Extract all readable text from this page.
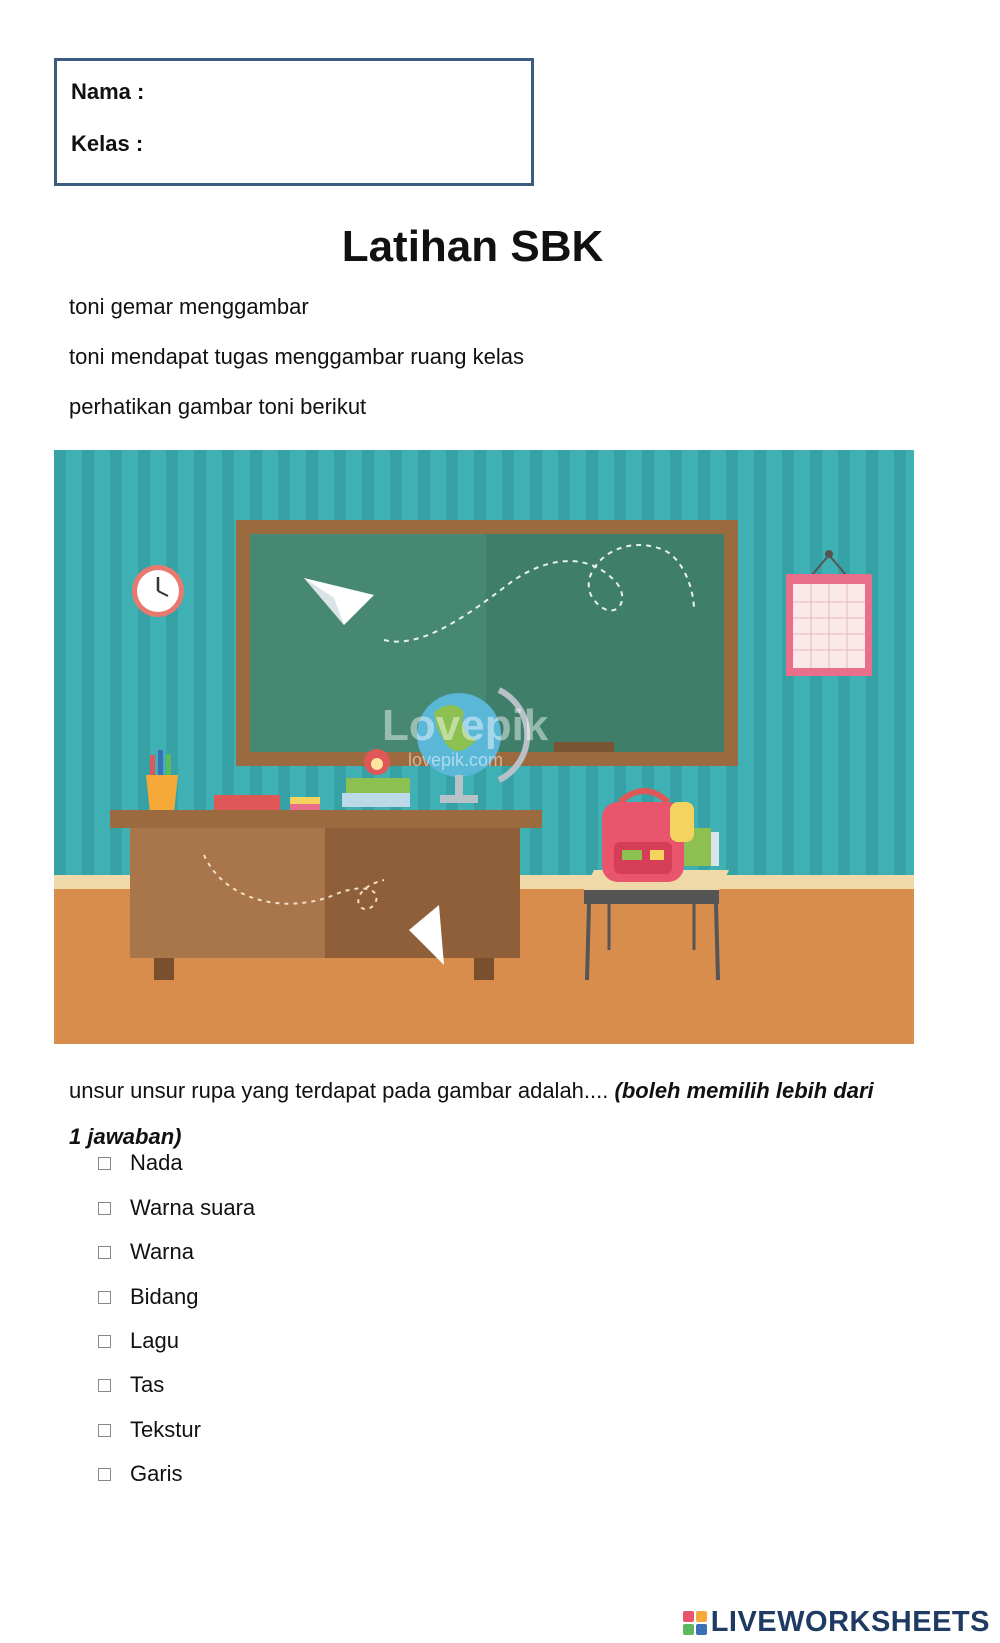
Nama :
Kelas :
Latihan SBK
toni gemar menggambar
toni mendapat tugas menggambar ruang kelas
perhatikan gambar toni berikut
Lovepik
lovepik.com
unsur unsur rupa yang terdapat pada gambar adalah.... (boleh memilih lebih dari 1 jawaban)
Nada
Warna suara
Warna
Bidang
Lagu
Tas
Tekstur
Garis
LIVEWORKSHEETS
